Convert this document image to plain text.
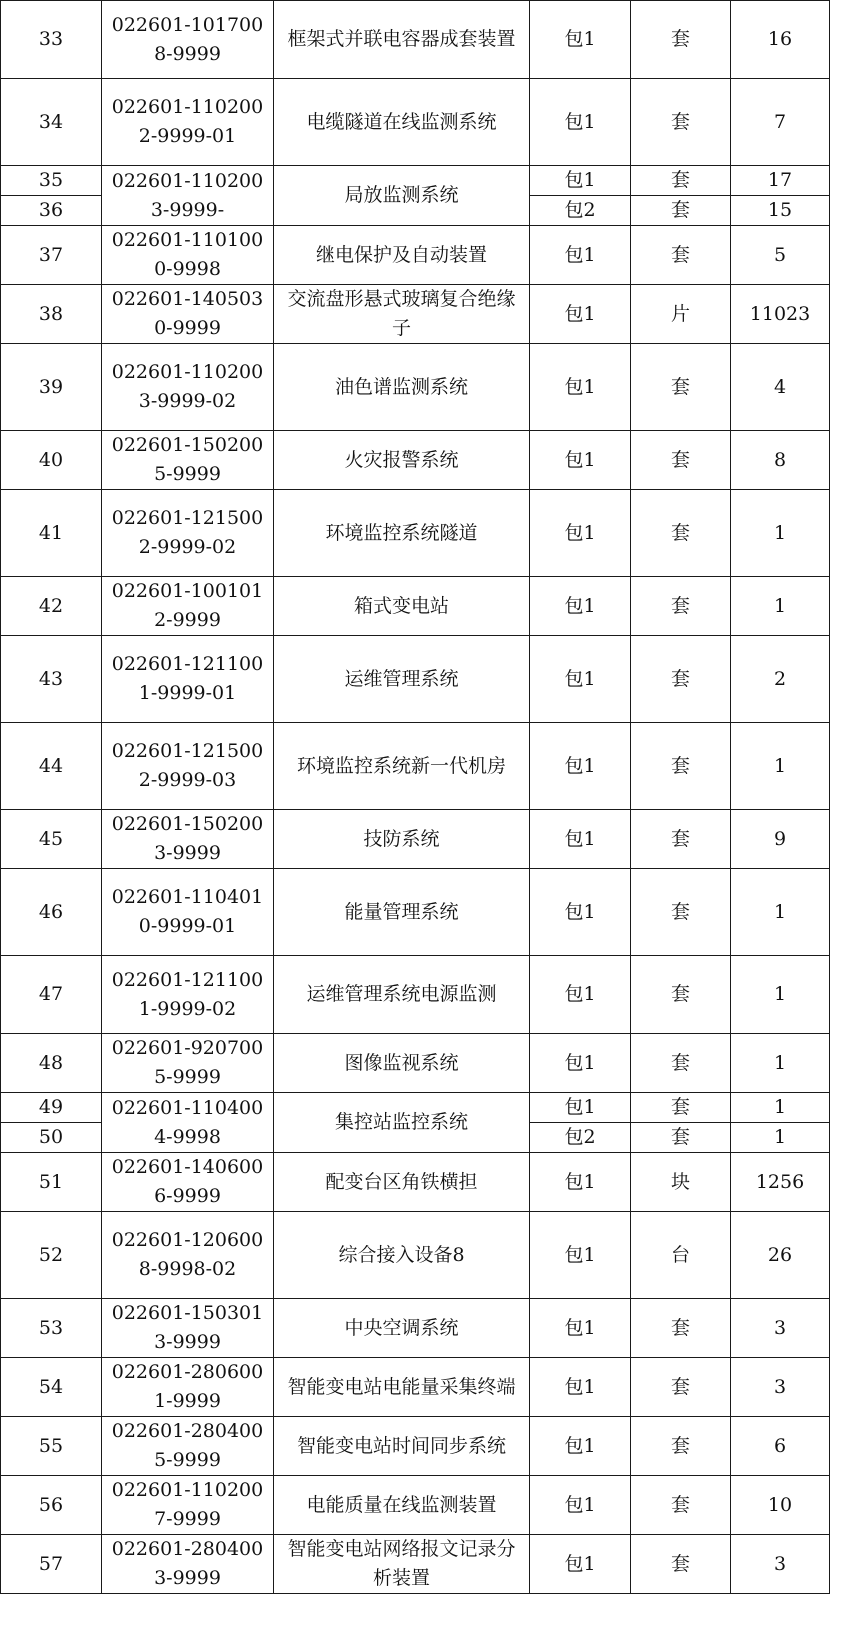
33	022601-1017008-9999	框架式并联电容器成套装置	包1	套	16
34	022601-1102002-9999-01	电缆隧道在线监测系统	包1	套	7
35	022601-1102003-9999-	局放监测系统	包1	套	17
36			包2	套	15
37	022601-1101000-9998	继电保护及自动装置	包1	套	5
38	022601-1405030-9999	交流盘形悬式玻璃复合绝缘子	包1	片	11023
39	022601-1102003-9999-02	油色谱监测系统	包1	套	4
40	022601-1502005-9999	火灾报警系统	包1	套	8
41	022601-1215002-9999-02	环境监控系统隧道	包1	套	1
42	022601-1001012-9999	箱式变电站	包1	套	1
43	022601-1211001-9999-01	运维管理系统	包1	套	2
44	022601-1215002-9999-03	环境监控系统新一代机房	包1	套	1
45	022601-1502003-9999	技防系统	包1	套	9
46	022601-1104010-9999-01	能量管理系统	包1	套	1
47	022601-1211001-9999-02	运维管理系统电源监测	包1	套	1
48	022601-9207005-9999	图像监视系统	包1	套	1
49	022601-1104004-9998	集控站监控系统	包1	套	1
50			包2	套	1
51	022601-1406006-9999	配变台区角铁横担	包1	块	1256
52	022601-1206008-9998-02	综合接入设备8	包1	台	26
53	022601-1503013-9999	中央空调系统	包1	套	3
54	022601-2806001-9999	智能变电站电能量采集终端	包1	套	3
55	022601-2804005-9999	智能变电站时间同步系统	包1	套	6
56	022601-1102007-9999	电能质量在线监测装置	包1	套	10
57	022601-2804003-9999	智能变电站网络报文记录分析装置	包1	套	3
